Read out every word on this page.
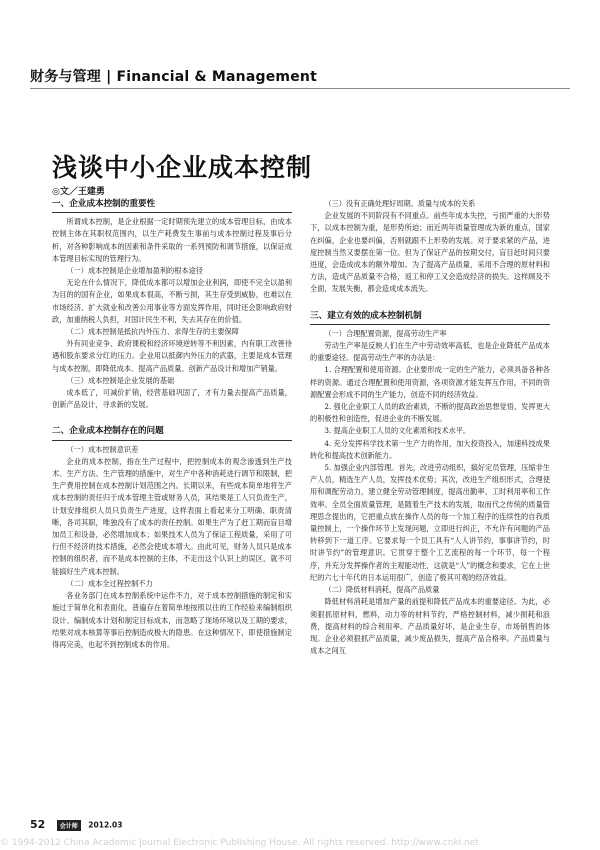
财务与管理 | Financial & Management
浅谈中小企业成本控制
◎文／王建勇
一、企业成本控制的重要性

所谓成本控制，是企业根据一定时期预先建立的成本管理目标，由成本控制主体在其职权范围内，以生产耗费发生事前与成本控制过程及事后分析，对各种影响成本的因素和条件采取的一系列预防和调节措施，以保证成本管理目标实现的管理行为。

（一）成本控制是企业增加盈利的根本途径

无论在什么情况下，降低成本都可以增加企业利润，即使不完全以盈利为目的的国有企业，如果成本很高，不断亏损，其生存受到威胁，也难以在市场经济、扩大就业和改善公用事业等方面发挥作用，同时还会影响政府财政，加重纳税人负担，对国计民生不利，失去其存在的价值。

（二）成本控制是抵抗内外压力、求得生存的主要保障

外有同业竞争、政府课税和经济环境逆转等不利因素，内有职工改善待遇和股东要求分红的压力。企业用以抵御内外压力的武器，主要是成本管理与成本控制，即降低成本、提高产品质量、创新产品设计和增加产销量。

（三）成本控制是企业发展的基础

成本低了，可减价扩销，经营基础巩固了，才有力量去提高产品质量，创新产品设计，寻求新的发展。

二、企业成本控制存在的问题

（一）成本控制意识差

企业的成本控制，指在生产过程中，把控制成本的观念渗透到生产技术、生产方法、生产管理的措施中，对生产中各种消耗进行调节和限制，把生产费用控制在成本控制计划范围之内。长期以来，有些成本简单地将生产成本控制的责任归于成本管理主管或财务人员，其结果是工人只负责生产，计划安排组织人员只负责生产进度，这样表面上看起来分工明确、职责清晰，各司其职，唯独没有了成本的责任控制。如果生产为了赶工期而盲目增加员工和设备，必然增加成本；如果技术人员为了保证工程质量，采用了可行但不经济的技术措施，必然会使成本增大。由此可见，财务人员只是成本控制的组织者，而不是成本控制的主体，不走出这个认识上的误区，就不可能搞好生产成本控制。

（二）成本全过程控制不力

各业务部门在成本控制系统中运作不力，对于成本控制措施的制定和实施过于简单化和表面化，普遍存在着简单地按照以往的工作经验来编制组织设计、编制成本计划和制定目标成本，而忽略了现场环境以及工期的要求，结果对成本核算等事后控制造成极大的隐患。在这种情况下，即使措施制定得再完美，也起不到控制成本的作用。

（三）没有正确处理好周期、质量与成本的关系

企业发展的不同阶段有不同重点。前些年成本失控，亏损严重的大形势下，以成本控制为重，是形势所迫；而近两年质量管理成为新的重点，国家在纠偏，企业也要纠偏，否则就跟不上形势的发展。对于要求紧的产品，进度控制当然又要摆在第一位。但为了保证产品的按期交付，盲目赶时间只要进度，会造成成本的额外增加。为了提高产品质量，采用不合理的原材料和方法，造成产品质量不合格，返工和停工又会造成经济的损失。这样顾及不全面，发展失衡，都会造成成本流失。

三、建立有效的成本控制机制

（一）合理配置资源，提高劳动生产率

劳动生产率是反映人们在生产中劳动效率高低，也是企业降低产品成本的重要途径。提高劳动生产率的办法是：

1. 合理配置和使用资源。企业要形成一定的生产能力，必须具备各种各样的资源。通过合理配置和使用资源，各项资源才能发挥互作用，不同的资源配置会形成不同的生产能力，创造不同的经济效益。

2. 强化企业职工人员的政治素质，不断的提高政治思想觉悟，发挥更大的积极性和创造性，促进企业的不断发展。

3. 提高企业职工人员的文化素质和技术水平。

4. 充分发挥科学技术第一生产力的作用，加大投资投入，加速科技成果转化和提高技术创新能力。

5. 加强企业内部管理。首先，改进劳动组织，搞好定员管理，压缩非生产人员，精选生产人员，发挥技术优势；其次，改进生产组织形式，合理使用和调配劳动力，建立健全劳动管理制度，提高出勤率、工时利用率和工作效率。全员全面质量管理，是随着生产技术的发展，取而代之传统的质量管理思念提出的，它把重点放在操作人员的每一个加工程序的连续性的自我质量控制上，一个操作环节上发现问题，立即进行纠正，不允许有问题的产品转移到下一道工序。它要求每一个员工具有“人人讲节约，事事讲节约，时时讲节约”的管理意识。它贯穿于整个工艺流程的每一个环节，每一个程序，并充分发挥操作者的主观能动性，这就是“人”的概念和要求，它在上世纪的六七十年代的日本运用很广，创造了极其可观的经济效益。

（二）降低材料消耗，提高产品质量

降低材料消耗是增加产量的前提和降低产品成本的重要途径。为此，必须狠抓原材料，燃料，动力等的材料节约，严格控制材料，减少损耗和浪费，提高材料的综合利用率。产品质量好坏，是企业生存，市场销售的体现。企业必须狠抓产品质量，减少废品损失，提高产品合格率。产品质量与成本之间互

52 会计师 2012.03
© 1994-2012 China Academic Journal Electronic Publishing House. All rights reserved. http://www.cnki.net
